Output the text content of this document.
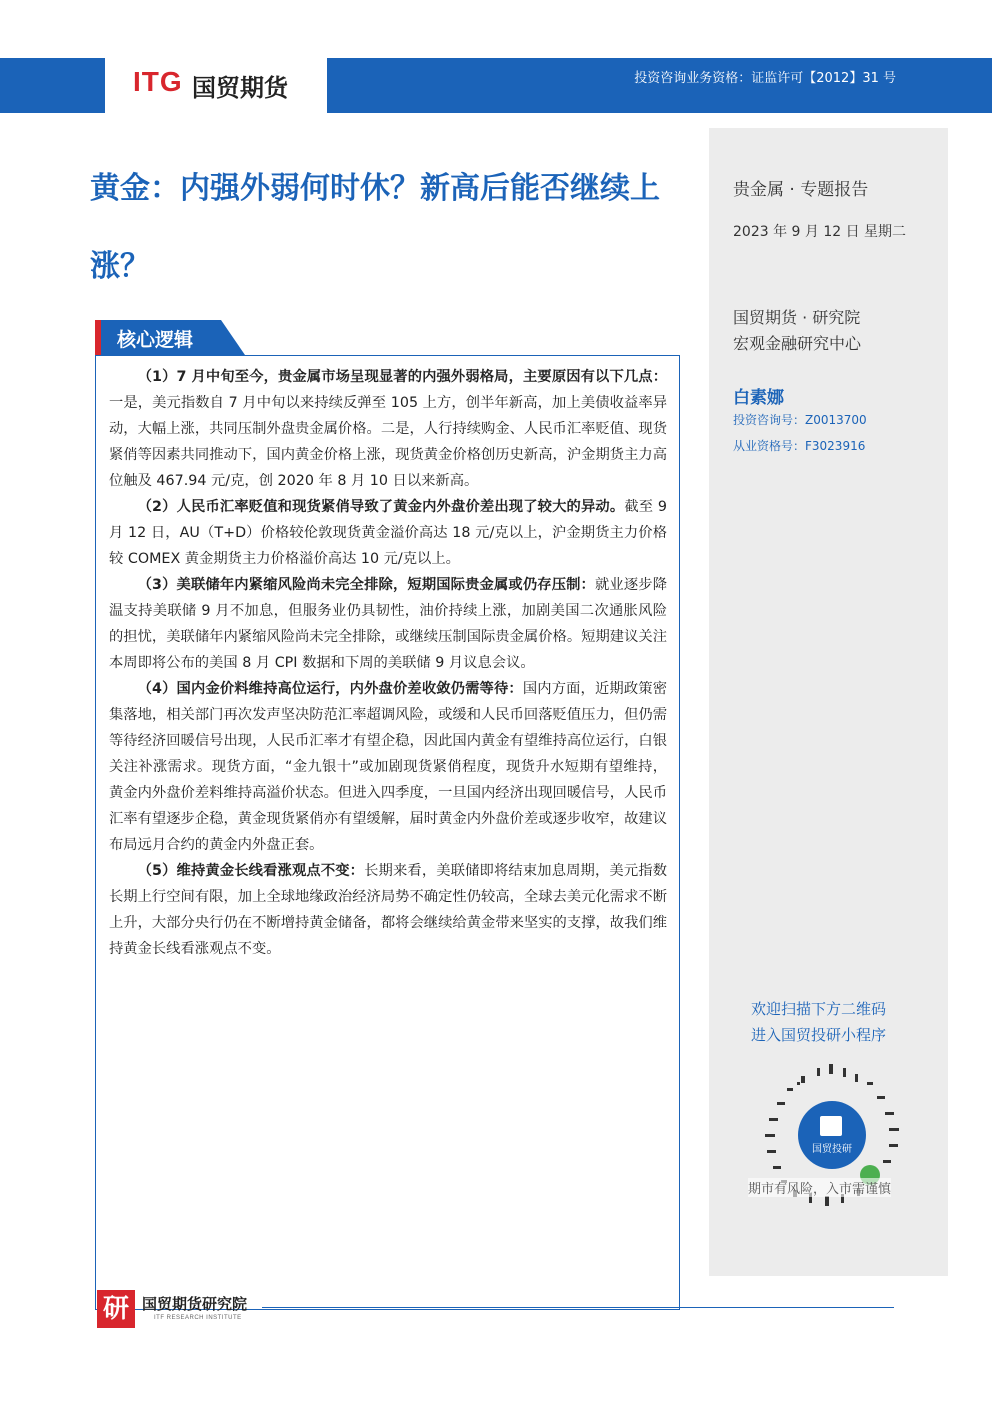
ITG 国贸期货	投资咨询业务资格：证监许可【2012】31 号
黄金：内强外弱何时休？新高后能否继续上涨？
贵金属 · 专题报告
2023 年 9 月 12 日 星期二
国贸期货 · 研究院
宏观金融研究中心
白素娜
投资咨询号：Z0013700
从业资格号：F3023916
欢迎扫描下方二维码
进入国贸投研小程序
国贸投研
期市有风险，入市需谨慎
核心逻辑

（1）7 月中旬至今，贵金属市场呈现显著的内强外弱格局，主要原因有以下几点：一是，美元指数自 7 月中旬以来持续反弹至 105 上方，创半年新高，加上美债收益率异动，大幅上涨，共同压制外盘贵金属价格。二是，人行持续购金、人民币汇率贬值、现货紧俏等因素共同推动下，国内黄金价格上涨，现货黄金价格创历史新高，沪金期货主力高位触及 467.94 元/克，创 2020 年 8 月 10 日以来新高。

（2）人民币汇率贬值和现货紧俏导致了黄金内外盘价差出现了较大的异动。截至 9 月 12 日，AU（T+D）价格较伦敦现货黄金溢价高达 18 元/克以上，沪金期货主力价格较 COMEX 黄金期货主力价格溢价高达 10 元/克以上。

（3）美联储年内紧缩风险尚未完全排除，短期国际贵金属或仍存压制：就业逐步降温支持美联储 9 月不加息，但服务业仍具韧性，油价持续上涨，加剧美国二次通胀风险的担忧，美联储年内紧缩风险尚未完全排除，或继续压制国际贵金属价格。短期建议关注本周即将公布的美国 8 月 CPI 数据和下周的美联储 9 月议息会议。

（4）国内金价料维持高位运行，内外盘价差收敛仍需等待：国内方面，近期政策密集落地，相关部门再次发声坚决防范汇率超调风险，或缓和人民币回落贬值压力，但仍需等待经济回暖信号出现，人民币汇率才有望企稳，因此国内黄金有望维持高位运行，白银关注补涨需求。现货方面，“金九银十”或加剧现货紧俏程度，现货升水短期有望维持，黄金内外盘价差料维持高溢价状态。但进入四季度，一旦国内经济出现回暖信号，人民币汇率有望逐步企稳，黄金现货紧俏亦有望缓解，届时黄金内外盘价差或逐步收窄，故建议布局远月合约的黄金内外盘正套。

（5）维持黄金长线看涨观点不变：长期来看，美联储即将结束加息周期，美元指数长期上行空间有限，加上全球地缘政治经济局势不确定性仍较高，全球去美元化需求不断上升，大部分央行仍在不断增持黄金储备，都将会继续给黄金带来坚实的支撑，故我们维持黄金长线看涨观点不变。

研 国贸期货研究院
ITF RESEARCH INSTITUTE
